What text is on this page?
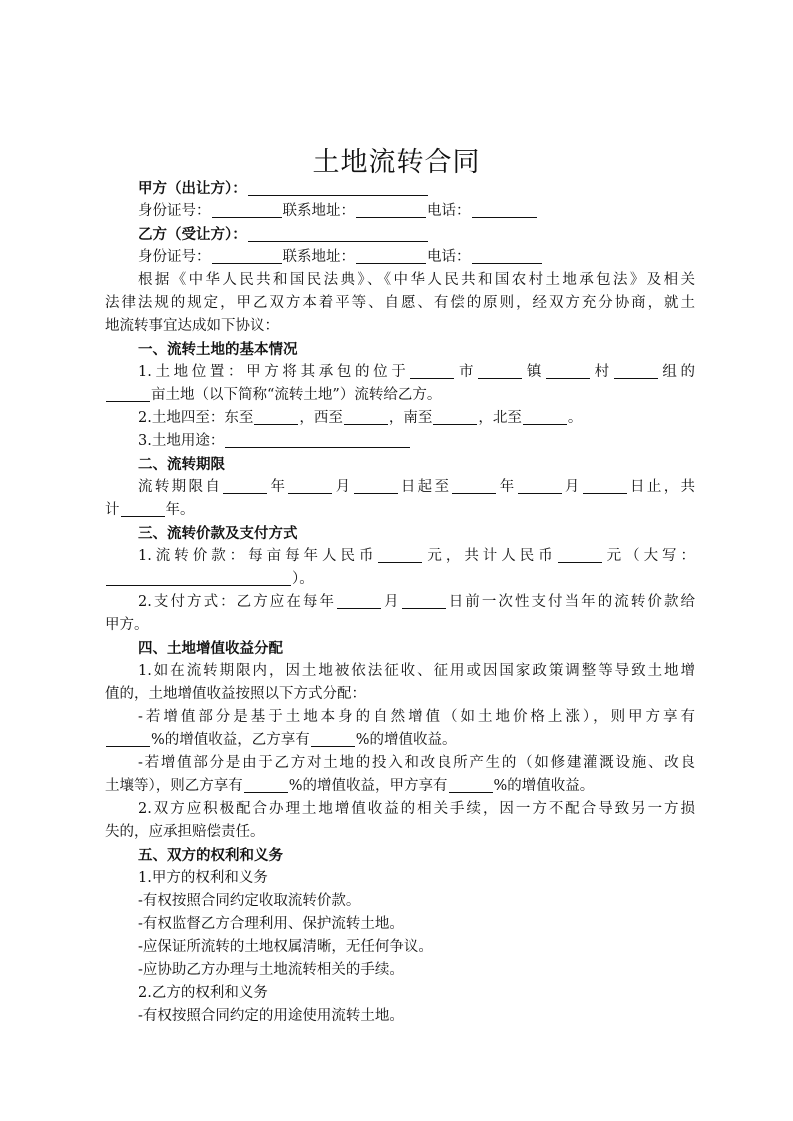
土地流转合同
甲方（出让方）：
身份证号：	联系地址：	电话：
乙方（受让方）：
身份证号：	联系地址：	电话：
根据《中华人民共和国民法典》、《中华人民共和国农村土地承包法》及相关
法律法规的规定，甲乙双方本着平等、自愿、有偿的原则，经双方充分协商，就土
地流转事宜达成如下协议：
一、流转土地的基本情况
1.土地位置：甲方将其承包的位于	市	镇	村	组的
亩土地（以下简称“流转土地”）流转给乙方。
2.土地四至：东至	，西至	，南至	，北至	。
3.土地用途：
二、流转期限
流转期限自	年	月	日起至	年	月	日止，共
计	年。
三、流转价款及支付方式
1.流转价款：每亩每年人民币	元，共计人民币	元（大写：
）。
2.支付方式：乙方应在每年	月	日前一次性支付当年的流转价款给
甲方。
四、土地增值收益分配
1.如在流转期限内，因土地被依法征收、征用或因国家政策调整等导致土地增
值的，土地增值收益按照以下方式分配：
-若增值部分是基于土地本身的自然增值（如土地价格上涨），则甲方享有
%的增值收益，乙方享有	%的增值收益。
-若增值部分是由于乙方对土地的投入和改良所产生的（如修建灌溉设施、改良
土壤等），则乙方享有	%的增值收益，甲方享有	%的增值收益。
2.双方应积极配合办理土地增值收益的相关手续，因一方不配合导致另一方损
失的，应承担赔偿责任。
五、双方的权利和义务
1.甲方的权利和义务
-有权按照合同约定收取流转价款。
-有权监督乙方合理利用、保护流转土地。
-应保证所流转的土地权属清晰，无任何争议。
-应协助乙方办理与土地流转相关的手续。
2.乙方的权利和义务
-有权按照合同约定的用途使用流转土地。
